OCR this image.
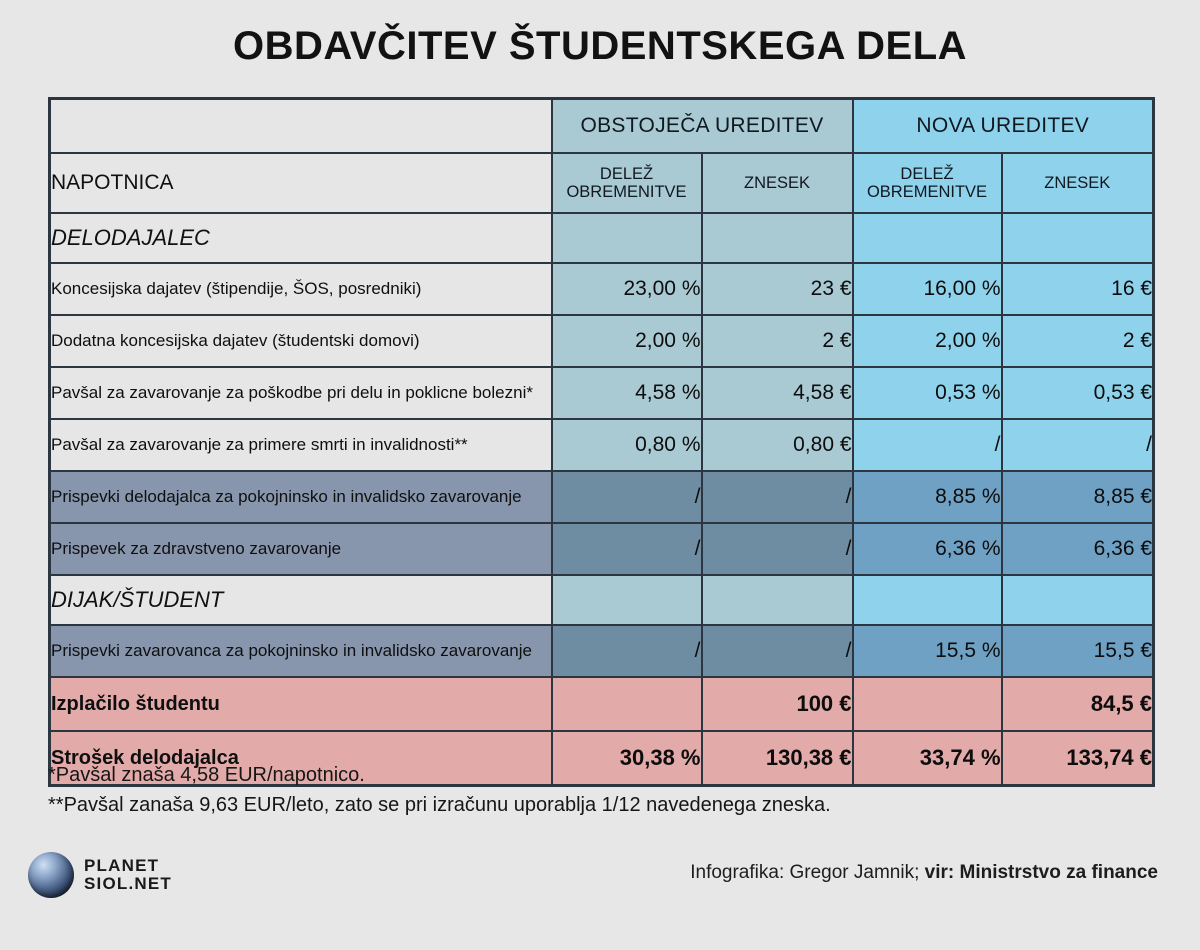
OBDAVČITEV ŠTUDENTSKEGA DELA
	OBSTOJEČA UREDITEV		NOVA UREDITEV	
NAPOTNICA	DELEŽ OBREMENITVE	ZNESEK	DELEŽ OBREMENITVE	ZNESEK
DELODAJALEC				
Koncesijska dajatev (štipendije, ŠOS, posredniki)	23,00 %	23 €	16,00 %	16 €
Dodatna koncesijska dajatev (študentski domovi)	2,00 %	2 €	2,00 %	2 €
Pavšal za zavarovanje za poškodbe pri delu in poklicne bolezni*	4,58 %	4,58 €	0,53 %	0,53 €
Pavšal za zavarovanje za primere smrti in invalidnosti**	0,80 %	0,80 €	/	/
Prispevki delodajalca za pokojninsko in invalidsko zavarovanje	/	/	8,85 %	8,85 €
Prispevek za zdravstveno zavarovanje	/	/	6,36 %	6,36 €
DIJAK/ŠTUDENT				
Prispevki zavarovanca za pokojninsko in invalidsko zavarovanje	/	/	15,5 %	15,5 €
Izplačilo študentu		100 €		84,5 €
Strošek delodajalca	30,38 %	130,38 €	33,74 %	133,74 €
*Pavšal znaša 4,58 EUR/napotnico.
**Pavšal zanaša 9,63 EUR/leto, zato se pri izračunu uporablja 1/12 navedenega zneska.
PLANET
SIOL.NET
Infografika: Gregor Jamnik; vir: Ministrstvo za finance
